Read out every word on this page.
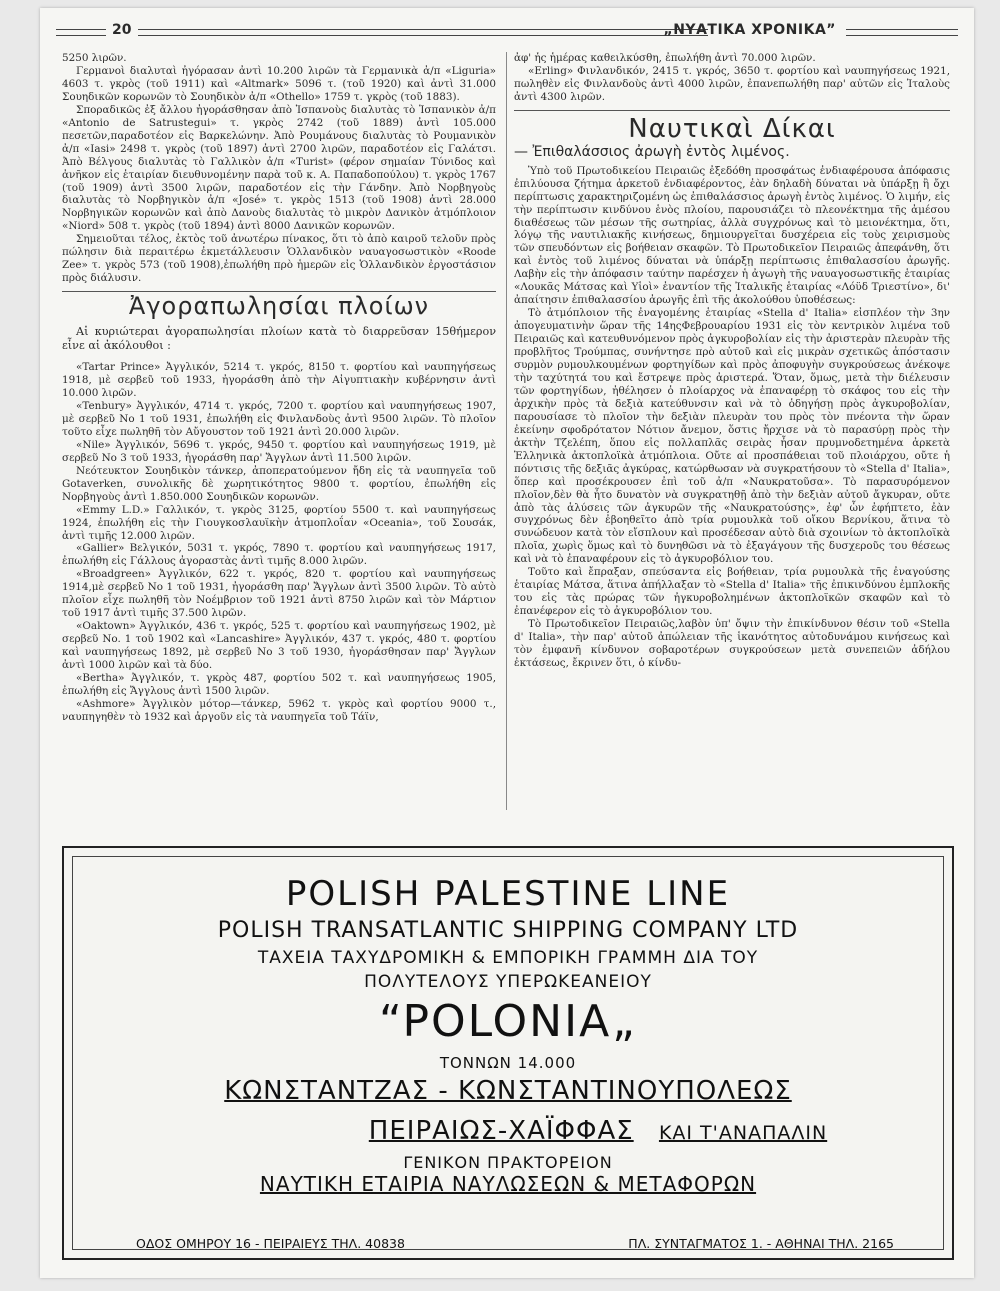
20	„ΝΥΑΤΙΚΑ ΧΡΟΝΙΚΑ”

5250 λιρῶν.

Γερμανοὶ διαλυταὶ ἠγόρασαν ἀντὶ 10.200 λιρῶν τὰ Γερμανικὰ ἀ/π «Liguria» 4603 τ. γκρὸς (τοῦ 1911) καὶ «Altmark» 5096 τ. (τοῦ 1920) καὶ ἀντὶ 31.000 Σουηδικῶν κορωνῶν τὸ Σουηδικὸν ἀ/π «Othello» 1759 τ. γκρὸς (τοῦ 1883).

Σποραδικῶς ἐξ ἄλλου ἠγοράσθησαν ἀπὸ Ἱσπανοὺς διαλυτὰς τὸ Ἱσπανικὸν ἀ/π «Antonio de Satrustegui» τ. γκρὸς 2742 (τοῦ 1889) ἀντὶ 105.000 πεσετῶν,παραδοτέον εἰς Βαρκελώνην. Ἀπὸ Ρουμάνους διαλυτὰς τὸ Ρουμανικὸν ἀ/π «Iasi» 2498 τ. γκρὸς (τοῦ 1897) ἀντὶ 2700 λιρῶν, παραδοτέον εἰς Γαλάτσι. Ἀπὸ Βέλγους διαλυτὰς τὸ Γαλλικὸν ἀ/π «Turist» (φέρον σημαίαν Τύνιδος καὶ ἀνῆκον εἰς ἑταιρίαν διευθυνομένην παρὰ τοῦ κ. Α. Παπαδοπούλου) τ. γκρὸς 1767 (τοῦ 1909) ἀντὶ 3500 λιρῶν, παραδοτέον εἰς τὴν Γάνδην. Ἀπὸ Νορβηγοὺς διαλυτὰς τὸ Νορβηγικὸν ἀ/π «José» τ. γκρὸς 1513 (τοῦ 1908) ἀντὶ 28.000 Νορβηγικῶν κορωνῶν καὶ ἀπὸ Δανοὺς διαλυτὰς τὸ μικρὸν Δανικὸν ἀτμόπλοιον «Niord» 508 τ. γκρὸς (τοῦ 1894) ἀντὶ 8000 Δανικῶν κορωνῶν.

Σημειοῦται τέλος, ἐκτὸς τοῦ ἀνωτέρω πίνακος, ὅτι τὸ ἀπὸ καιροῦ τελοῦν πρὸς πώλησιν διὰ περαιτέρω ἐκμετάλλευσιν Ὁλλανδικὸν ναυαγοσωστικὸν «Roode Zee» τ. γκρὸς 573 (τοῦ 1908),ἐπωλήθη πρὸ ἡμερῶν εἰς Ὁλλανδικὸν ἐργοστάσιον πρὸς διάλυσιν.

Ἀγοραπωλησίαι πλοίων

Αἱ κυριώτεραι ἀγοραπωλησίαι πλοίων κατὰ τὸ διαρρεῦσαν 15θήμερον εἶνε αἱ ἀκόλουθοι :

«Tartar Prince» Ἀγγλικόν, 5214 τ. γκρός, 8150 τ. φορτίου καὶ ναυπηγήσεως 1918, μὲ σερβεῦ τοῦ 1933, ἠγοράσθη ἀπὸ τὴν Αἰγυπτιακὴν κυβέρνησιν ἀντὶ 10.000 λιρῶν.

«Tenbury» Ἀγγλικόν, 4714 τ. γκρός, 7200 τ. φορτίου καὶ ναυπηγήσεως 1907, μὲ σερβεῦ No 1 τοῦ 1931, ἐπωλήθη εἰς Φινλανδοὺς ἀντὶ 9500 λιρῶν. Τὸ πλοῖον τοῦτο εἶχε πωληθῆ τὸν Αὔγουστον τοῦ 1921 ἀντὶ 20.000 λιρῶν.

«Nile» Ἀγγλικόν, 5696 τ. γκρός, 9450 τ. φορτίου καὶ ναυπηγήσεως 1919, μὲ σερβεῦ No 3 τοῦ 1933, ἠγοράσθη παρ' Ἄγγλων ἀντὶ 11.500 λιρῶν.

Νεότευκτον Σουηδικὸν τάνκερ, ἀποπερατούμενον ἤδη εἰς τὰ ναυπηγεῖα τοῦ Gotaverken, συνολικῆς δὲ χωρητικότητος 9800 τ. φορτίου, ἐπωλήθη εἰς Νορβηγοὺς ἀντὶ 1.850.000 Σουηδικῶν κορωνῶν.

«Emmy L.D.» Γαλλικόν, τ. γκρὸς 3125, φορτίου 5500 τ. καὶ ναυπηγήσεως 1924, ἐπωλήθη εἰς τὴν Γιουγκοσλαυϊκὴν ἀτμοπλοΐαν «Oceania», τοῦ Σουσάκ, ἀντὶ τιμῆς 12.000 λιρῶν.

«Gallier» Βελγικόν, 5031 τ. γκρός, 7890 τ. φορτίου καὶ ναυπηγήσεως 1917, ἐπωλήθη εἰς Γάλλους ἀγοραστὰς ἀντὶ τιμῆς 8.000 λιρῶν.

«Broadgreen» Ἀγγλικόν, 622 τ. γκρός, 820 τ. φορτίου καὶ ναυπηγήσεως 1914,μὲ σερβεῦ No 1 τοῦ 1931, ἠγοράσθη παρ' Ἄγγλων ἀντὶ 3500 λιρῶν. Τὸ αὐτὸ πλοῖον εἶχε πωληθῆ τὸν Νοέμβριον τοῦ 1921 ἀντὶ 8750 λιρῶν καὶ τὸν Μάρτιον τοῦ 1917 ἀντὶ τιμῆς 37.500 λιρῶν.

«Oaktown» Ἀγγλικόν, 436 τ. γκρός, 525 τ. φορτίου καὶ ναυπηγήσεως 1902, μὲ σερβεῦ No. 1 τοῦ 1902 καὶ «Lancashire» Ἀγγλικόν, 437 τ. γκρός, 480 τ. φορτίου καὶ ναυπηγήσεως 1892, μὲ σερβεῦ No 3 τοῦ 1930, ἠγοράσθησαν παρ' Ἄγγλων ἀντὶ 1000 λιρῶν καὶ τὰ δύο.

«Bertha» Ἀγγλικόν, τ. γκρὸς 487, φορτίου 502 τ. καὶ ναυπηγήσεως 1905, ἐπωλήθη εἰς Ἄγγλους ἀντὶ 1500 λιρῶν.

«Ashmore» Ἀγγλικὸν μότορ—τάνκερ, 5962 τ. γκρὸς καὶ φορτίου 9000 τ., ναυπηγηθὲν τὸ 1932 καὶ ἀργοῦν εἰς τὰ ναυπηγεῖα τοῦ Τάϊν,

ἀφ' ἧς ἡμέρας καθειλκύσθη, ἐπωλήθη ἀντὶ 70.000 λιρῶν.

«Erling» Φινλανδικόν, 2415 τ. γκρός, 3650 τ. φορτίου καὶ ναυπηγήσεως 1921, πωληθὲν εἰς Φινλανδοὺς ἀντὶ 4000 λιρῶν, ἐπανεπωλήθη παρ' αὐτῶν εἰς Ἰταλοὺς ἀντὶ 4300 λιρῶν.

Ναυτικαὶ Δίκαι
— Ἐπιθαλάσσιος ἀρωγὴ ἐντὸς λιμένος.

Ὑπὸ τοῦ Πρωτοδικείου Πειραιῶς ἐξεδόθη προσφάτως ἐνδιαφέρουσα ἀπόφασις ἐπιλύουσα ζήτημα ἀρκετοῦ ἐνδιαφέροντος, ἐὰν δηλαδὴ δύναται νὰ ὑπάρξῃ ἢ ὄχι περίπτωσις χαρακτηριζομένη ὡς ἐπιθαλάσσιος ἀρωγὴ ἐντὸς λιμένος. Ὁ λιμήν, εἰς τὴν περίπτωσιν κινδύνου ἑνὸς πλοίου, παρουσιάζει τὸ πλεονέκτημα τῆς ἀμέσου διαθέσεως τῶν μέσων τῆς σωτηρίας, ἀλλὰ συγχρόνως καὶ τὸ μειονέκτημα, ὅτι, λόγῳ τῆς ναυτιλιακῆς κινήσεως, δημιουργεῖται δυσχέρεια εἰς τοὺς χειρισμοὺς τῶν σπευδόντων εἰς βοήθειαν σκαφῶν. Τὸ Πρωτοδικεῖον Πειραιῶς ἀπεφάνθη, ὅτι καὶ ἐντὸς τοῦ λιμένος δύναται νὰ ὑπάρξῃ περίπτωσις ἐπιθαλασσίου ἀρωγῆς. Λαβὴν εἰς τὴν ἀπόφασιν ταύτην παρέσχεν ἡ ἀγωγὴ τῆς ναυαγοσωστικῆς ἑταιρίας «Λουκᾶς Μάτσας καὶ Υἱοὶ» ἐναντίον τῆς Ἰταλικῆς ἑταιρίας «Λόϋδ Τριεστίνο», δι' ἀπαίτησιν ἐπιθαλασσίου ἀρωγῆς ἐπὶ τῆς ἀκολούθου ὑποθέσεως:

Τὸ ἀτμόπλοιον τῆς ἐναγομένης ἑταιρίας «Stella d' Italia» εἰσπλέον τὴν 3ην ἀπογευματινὴν ὥραν τῆς 14ηςΦεβρουαρίου 1931 εἰς τὸν κεντρικὸν λιμένα τοῦ Πειραιῶς καὶ κατευθυνόμενον πρὸς ἀγκυροβολίαν εἰς τὴν ἀριστερὰν πλευρὰν τῆς προβλῆτος Τρούμπας, συνήντησε πρὸ αὐτοῦ καὶ εἰς μικρὰν σχετικῶς ἀπόστασιν συρμὸν ρυμουλκουμένων φορτηγίδων καὶ πρὸς ἀποφυγὴν συγκρούσεως ἀνέκοψε τὴν ταχύτητά του καὶ ἔστρεψε πρὸς ἀριστερά. Ὅταν, ὅμως, μετὰ τὴν διέλευσιν τῶν φορτηγίδων, ἠθέλησεν ὁ πλοίαρχος νὰ ἐπαναφέρῃ τὸ σκάφος του εἰς τὴν ἀρχικὴν πρὸς τὰ δεξιὰ κατεύθυνσιν καὶ νὰ τὸ ὁδηγήσῃ πρὸς ἀγκυροβολίαν, παρουσίασε τὸ πλοῖον τὴν δεξιὰν πλευρὰν του πρὸς τὸν πνέοντα τὴν ὥραν ἐκείνην σφοδρότατον Νότιον ἄνεμον, ὅστις ἤρχισε νὰ τὸ παρασύρῃ πρὸς τὴν ἀκτὴν Τζελέπη, ὅπου εἰς πολλαπλᾶς σειρὰς ἦσαν πρυμνοδετημένα ἀρκετὰ Ἑλληνικὰ ἀκτοπλοϊκὰ ἀτμόπλοια. Οὔτε αἱ προσπάθειαι τοῦ πλοιάρχου, οὔτε ἡ πόντισις τῆς δεξιᾶς ἀγκύρας, κατώρθωσαν νὰ συγκρατήσουν τὸ «Stella d' Italia», ὅπερ καὶ προσέκρουσεν ἐπὶ τοῦ ἀ/π «Ναυκρατοῦσα». Τὸ παρασυρόμενον πλοῖον,δὲν θὰ ἦτο δυνατὸν νὰ συγκρατηθῇ ἀπὸ τὴν δεξιὰν αὐτοῦ ἄγκυραν, οὔτε ἀπὸ τὰς ἁλύσεις τῶν ἀγκυρῶν τῆς «Ναυκρατούσης», ἐφ' ὧν ἐφήπτετο, ἐὰν συγχρόνως δὲν ἐβοηθεῖτο ἀπὸ τρία ρυμουλκὰ τοῦ οἴκου Βερνίκου, ἅτινα τὸ συνώδευον κατὰ τὸν εἴσπλουν καὶ προσέδεσαν αὐτὸ διὰ σχοινίων τὸ ἀκτοπλοϊκὰ πλοῖα, χωρὶς ὅμως καὶ τὸ δυνηθῶσι νὰ τὸ ἐξαγάγουν τῆς δυσχεροῦς του θέσεως καὶ νὰ τὸ ἐπαναφέρουν εἰς τὸ ἀγκυροβόλιον του.

Τοῦτο καὶ ἔπραξαν, σπεύσαντα εἰς βοήθειαν, τρία ρυμουλκὰ τῆς ἐναγούσης ἑταιρίας Μάτσα, ἅτινα ἀπήλλαξαν τὸ «Stella d' Italia» τῆς ἐπικινδύνου ἐμπλοκῆς του εἰς τὰς πρώρας τῶν ἠγκυροβολημένων ἀκτοπλοϊκῶν σκαφῶν καὶ τὸ ἐπανέφερον εἰς τὸ ἀγκυροβόλιον του.

Τὸ Πρωτοδικεῖον Πειραιῶς,λαβὸν ὑπ' ὄψιν τὴν ἐπικίνδυνον θέσιν τοῦ «Stella d' Italia», τὴν παρ' αὐτοῦ ἀπώλειαν τῆς ἱκανότητος αὐτοδυνάμου κινήσεως καὶ τὸν ἐμφανῆ κίνδυνον σοβαροτέρων συγκρούσεων μετὰ συνεπειῶν ἀδήλου ἐκτάσεως, ἔκρινεν ὅτι, ὁ κίνδυ-

POLISH PALESTINE LINE
POLISH TRANSATLANTIC SHIPPING COMPANY LTD
ΤΑΧΕΙΑ ΤΑΧΥΔΡΟΜΙΚΗ & ΕΜΠΟΡΙΚΗ ΓΡΑΜΜΗ ΔΙΑ ΤΟΥ
ΠΟΛΥΤΕΛΟΥΣ ΥΠΕΡΩΚΕΑΝΕΙΟΥ
“POLONIA„
ΤΟΝΝΩΝ 14.000
ΚΩΝΣΤΑΝΤΖΑΣ - ΚΩΝΣΤΑΝΤΙΝΟΥΠΟΛΕΩΣ
ΠΕΙΡΑΙΩΣ-ΧΑΪΦΦΑΣ ΚΑΙ Τ'ΑΝΑΠΑΛΙΝ
ΓΕΝΙΚΟΝ ΠΡΑΚΤΟΡΕΙΟΝ
ΝΑΥΤΙΚΗ ΕΤΑΙΡΙΑ ΝΑΥΛΩΣΕΩΝ & ΜΕΤΑΦΟΡΩΝ
ΟΔΟΣ ΟΜΗΡΟΥ 16 - ΠΕΙΡΑΙΕΥΣ ΤΗΛ. 40838	ΠΛ. ΣΥΝΤΑΓΜΑΤΟΣ 1. - ΑΘΗΝΑΙ ΤΗΛ. 2165
